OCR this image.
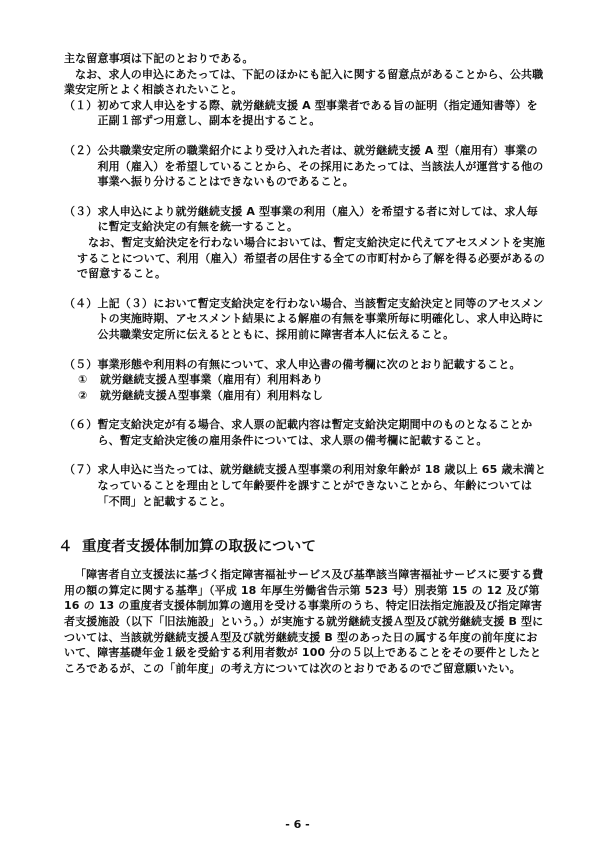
主な留意事項は下記のとおりである。

なお、求人の申込にあたっては、下記のほかにも記入に関する留意点があることから、公共職業安定所とよく相談されたいこと。

（１） 初めて求人申込をする際、就労継続支援 A 型事業者である旨の証明（指定通知書等）を正副１部ずつ用意し、副本を提出すること。
（２） 公共職業安定所の職業紹介により受け入れた者は、就労継続支援 A 型（雇用有）事業の利用（雇入）を希望していることから、その採用にあたっては、当該法人が運営する他の事業へ振り分けることはできないものであること。
（３） 求人申込により就労継続支援 A 型事業の利用（雇入）を希望する者に対しては、求人毎に暫定支給決定の有無を統一すること。

なお、暫定支給決定を行わない場合においては、暫定支給決定に代えてアセスメントを実施することについて、利用（雇入）希望者の居住する全ての市町村から了解を得る必要があるので留意すること。

（４） 上記（３）において暫定支給決定を行わない場合、当該暫定支給決定と同等のアセスメントの実施時期、アセスメント結果による解雇の有無を事業所毎に明確化し、求人申込時に公共職業安定所に伝えるとともに、採用前に障害者本人に伝えること。
（５） 事業形態や利用料の有無について、求人申込書の備考欄に次のとおり記載すること。
①	就労継続支援Ａ型事業（雇用有）利用料あり
②	就労継続支援Ａ型事業（雇用有）利用料なし
（６） 暫定支給決定が有る場合、求人票の記載内容は暫定支給決定期間中のものとなることから、暫定支給決定後の雇用条件については、求人票の備考欄に記載すること。
（７） 求人申込に当たっては、就労継続支援Ａ型事業の利用対象年齢が 18 歳以上 65 歳未満となっていることを理由として年齢要件を課すことができないことから、年齢については「不問」と記載すること。
４ 重度者支援体制加算の取扱について

「障害者自立支援法に基づく指定障害福祉サービス及び基準該当障害福祉サービスに要する費用の額の算定に関する基準」（平成 18 年厚生労働省告示第 523 号）別表第 15 の 12 及び第 16 の 13 の重度者支援体制加算の適用を受ける事業所のうち、特定旧法指定施設及び指定障害者支援施設（以下「旧法施設」という。）が実施する就労継続支援Ａ型及び就労継続支援 B 型については、当該就労継続支援Ａ型及び就労継続支援 B 型のあった日の属する年度の前年度において、障害基礎年金１級を受給する利用者数が 100 分の５以上であることをその要件としたところであるが、この「前年度」の考え方については次のとおりであるのでご留意願いたい。

- 6 -
